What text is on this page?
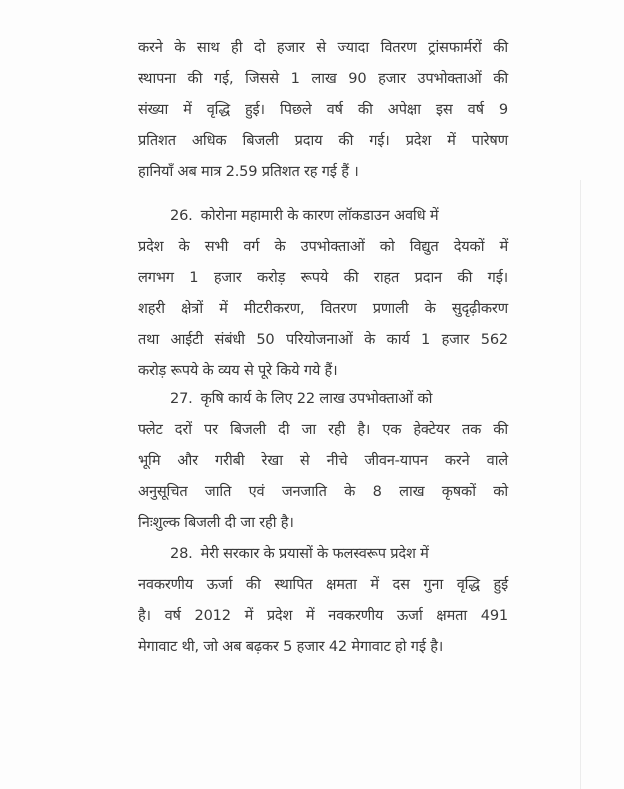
करने के साथ ही दो हजार से ज्यादा वितरण ट्रांसफार्मरों की
स्थापना की गई, जिससे 1 लाख 90 हजार उपभोक्ताओं की
संख्या में वृद्धि हुई। पिछले वर्ष की अपेक्षा इस वर्ष 9
प्रतिशत अधिक बिजली प्रदाय की गई। प्रदेश में पारेषण
हानियाँ अब मात्र 2.59 प्रतिशत रह गई हैं ।
26. कोरोना महामारी के कारण लॉकडाउन अवधि में
प्रदेश के सभी वर्ग के उपभोक्ताओं को विद्युत देयकों में
लगभग 1 हजार करोड़ रूपये की राहत प्रदान की गई।
शहरी क्षेत्रों में मीटरीकरण, वितरण प्रणाली के सुदृढ़ीकरण
तथा आईटी संबंधी 50 परियोजनाओं के कार्य 1 हजार 562
करोड़ रूपये के व्यय से पूरे किये गये हैं।
27. कृषि कार्य के लिए 22 लाख उपभोक्ताओं को
फ्लेट दरों पर बिजली दी जा रही है। एक हेक्टेयर तक की
भूमि और गरीबी रेखा से नीचे जीवन-यापन करने वाले
अनुसूचित जाति एवं जनजाति के 8 लाख कृषकों को
निःशुल्क बिजली दी जा रही है।
28. मेरी सरकार के प्रयासों के फलस्वरूप प्रदेश में
नवकरणीय ऊर्जा की स्थापित क्षमता में दस गुना वृद्धि हुई
है। वर्ष 2012 में प्रदेश में नवकरणीय ऊर्जा क्षमता 491
मेगावाट थी, जो अब बढ़कर 5 हजार 42 मेगावाट हो गई है।
